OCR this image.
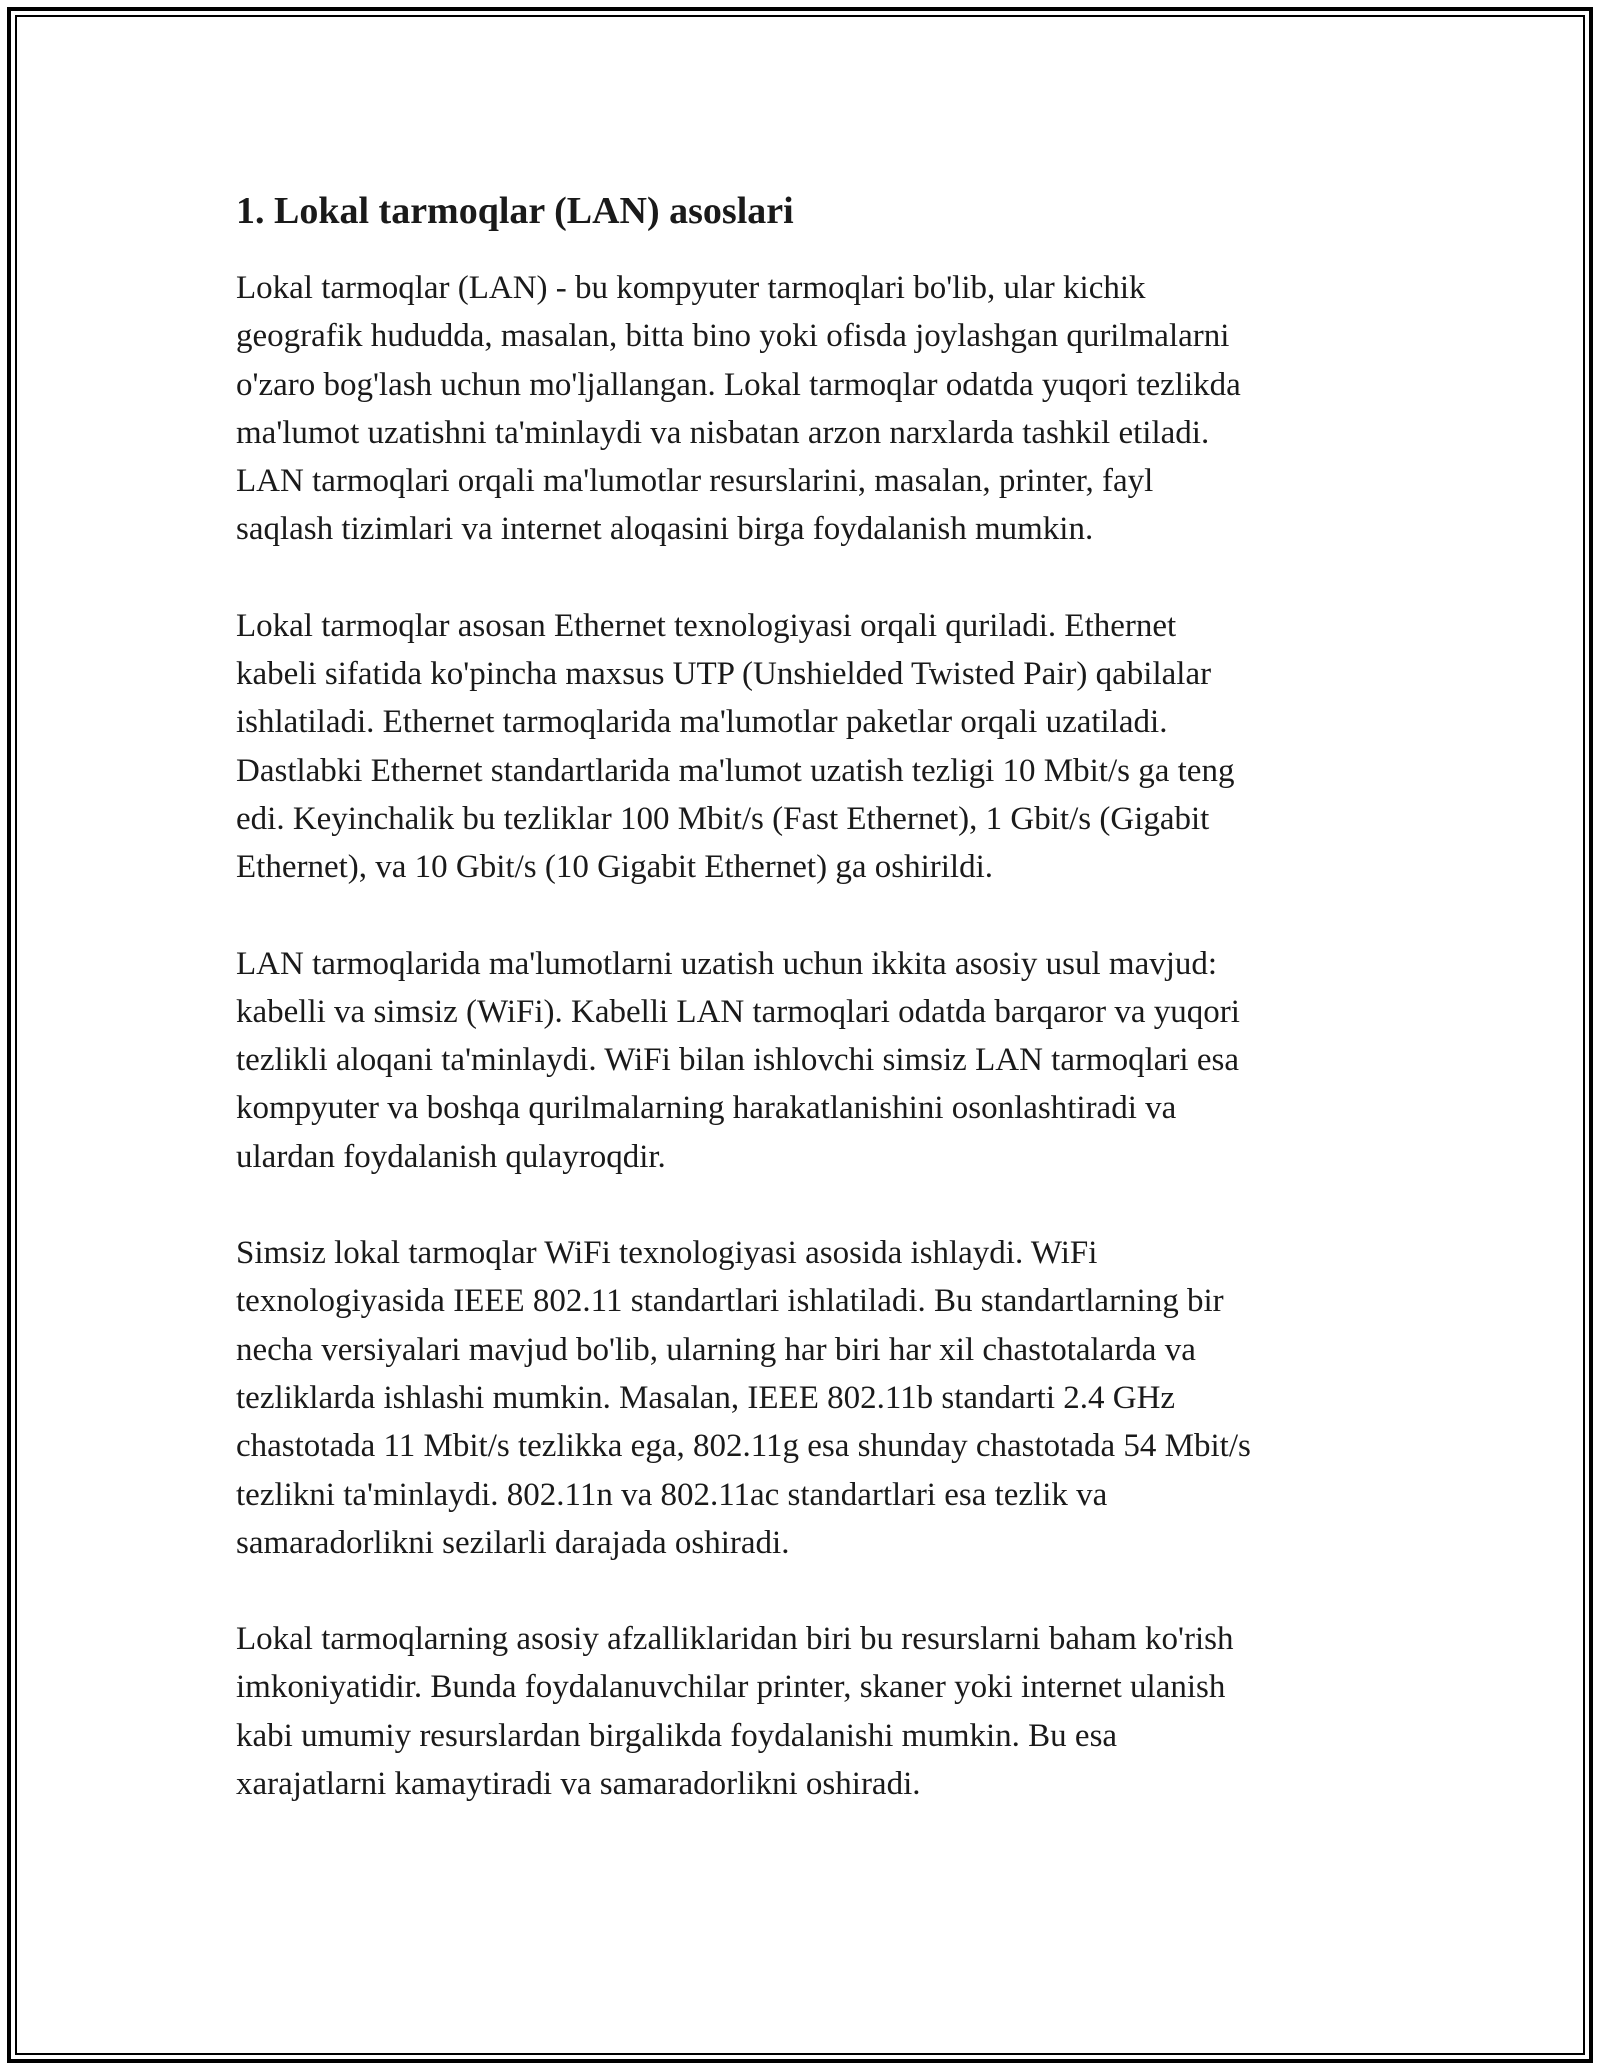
1. Lokal tarmoqlar (LAN) asoslari

Lokal tarmoqlar (LAN) - bu kompyuter tarmoqlari bo'lib, ular kichik
geografik hududda, masalan, bitta bino yoki ofisda joylashgan qurilmalarni
o'zaro bog'lash uchun mo'ljallangan. Lokal tarmoqlar odatda yuqori tezlikda
ma'lumot uzatishni ta'minlaydi va nisbatan arzon narxlarda tashkil etiladi.
LAN tarmoqlari orqali ma'lumotlar resurslarini, masalan, printer, fayl
saqlash tizimlari va internet aloqasini birga foydalanish mumkin.

Lokal tarmoqlar asosan Ethernet texnologiyasi orqali quriladi. Ethernet
kabeli sifatida ko'pincha maxsus UTP (Unshielded Twisted Pair) qabilalar
ishlatiladi. Ethernet tarmoqlarida ma'lumotlar paketlar orqali uzatiladi.
Dastlabki Ethernet standartlarida ma'lumot uzatish tezligi 10 Mbit/s ga teng
edi. Keyinchalik bu tezliklar 100 Mbit/s (Fast Ethernet), 1 Gbit/s (Gigabit
Ethernet), va 10 Gbit/s (10 Gigabit Ethernet) ga oshirildi.

LAN tarmoqlarida ma'lumotlarni uzatish uchun ikkita asosiy usul mavjud:
kabelli va simsiz (WiFi). Kabelli LAN tarmoqlari odatda barqaror va yuqori
tezlikli aloqani ta'minlaydi. WiFi bilan ishlovchi simsiz LAN tarmoqlari esa
kompyuter va boshqa qurilmalarning harakatlanishini osonlashtiradi va
ulardan foydalanish qulayroqdir.

Simsiz lokal tarmoqlar WiFi texnologiyasi asosida ishlaydi. WiFi
texnologiyasida IEEE 802.11 standartlari ishlatiladi. Bu standartlarning bir
necha versiyalari mavjud bo'lib, ularning har biri har xil chastotalarda va
tezliklarda ishlashi mumkin. Masalan, IEEE 802.11b standarti 2.4 GHz
chastotada 11 Mbit/s tezlikka ega, 802.11g esa shunday chastotada 54 Mbit/s
tezlikni ta'minlaydi. 802.11n va 802.11ac standartlari esa tezlik va
samaradorlikni sezilarli darajada oshiradi.

Lokal tarmoqlarning asosiy afzalliklaridan biri bu resurslarni baham ko'rish
imkoniyatidir. Bunda foydalanuvchilar printer, skaner yoki internet ulanish
kabi umumiy resurslardan birgalikda foydalanishi mumkin. Bu esa
xarajatlarni kamaytiradi va samaradorlikni oshiradi.
